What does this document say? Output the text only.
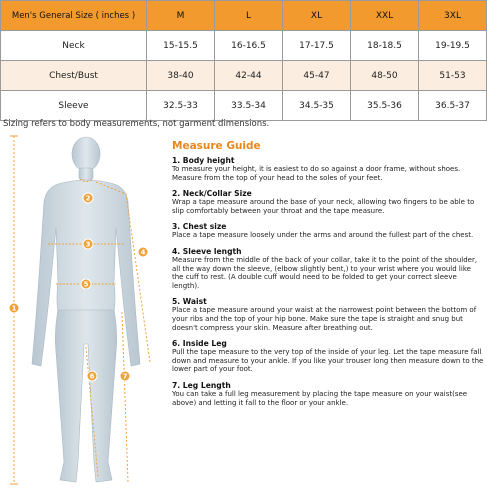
Men's General Size ( inches )	M	L	XL	XXL	3XL
Neck	15-15.5	16-16.5	17-17.5	18-18.5	19-19.5
Chest/Bust	38-40	42-44	45-47	48-50	51-53
Sleeve	32.5-33	33.5-34	34.5-35	35.5-36	36.5-37
Sizing refers to body measurements, not garment dimensions.
1
2
3
4
5
6	7
Measure Guide
1. Body height
To measure your height, it is easiest to do so against a door frame, without shoes. Measure from the top of your head to the soles of your feet.
2. Neck/Collar Size
Wrap a tape measure around the base of your neck, allowing two fingers to be able to slip comfortably between your throat and the tape measure.
3. Chest size
Place a tape measure loosely under the arms and around the fullest part of the chest.
4. Sleeve length
Measure from the middle of the back of your collar, take it to the point of the shoulder, all the way down the sleeve, (elbow slightly bent,) to your wrist where you would like the cuff to rest. (A double cuff would need to be folded to get your correct sleeve length).
5. Waist
Place a tape measure around your waist at the narrowest point between the bottom of your ribs and the top of your hip bone. Make sure the tape is straight and snug but doesn't compress your skin. Measure after breathing out.
6. Inside Leg
Pull the tape measure to the very top of the inside of your leg. Let the tape measure fall down and measure to your ankle. If you like your trouser long then measure down to the lower part of your foot.
7. Leg Length
You can take a full leg measurement by placing the tape measure on your waist(see above) and letting it fall to the floor or your ankle.
